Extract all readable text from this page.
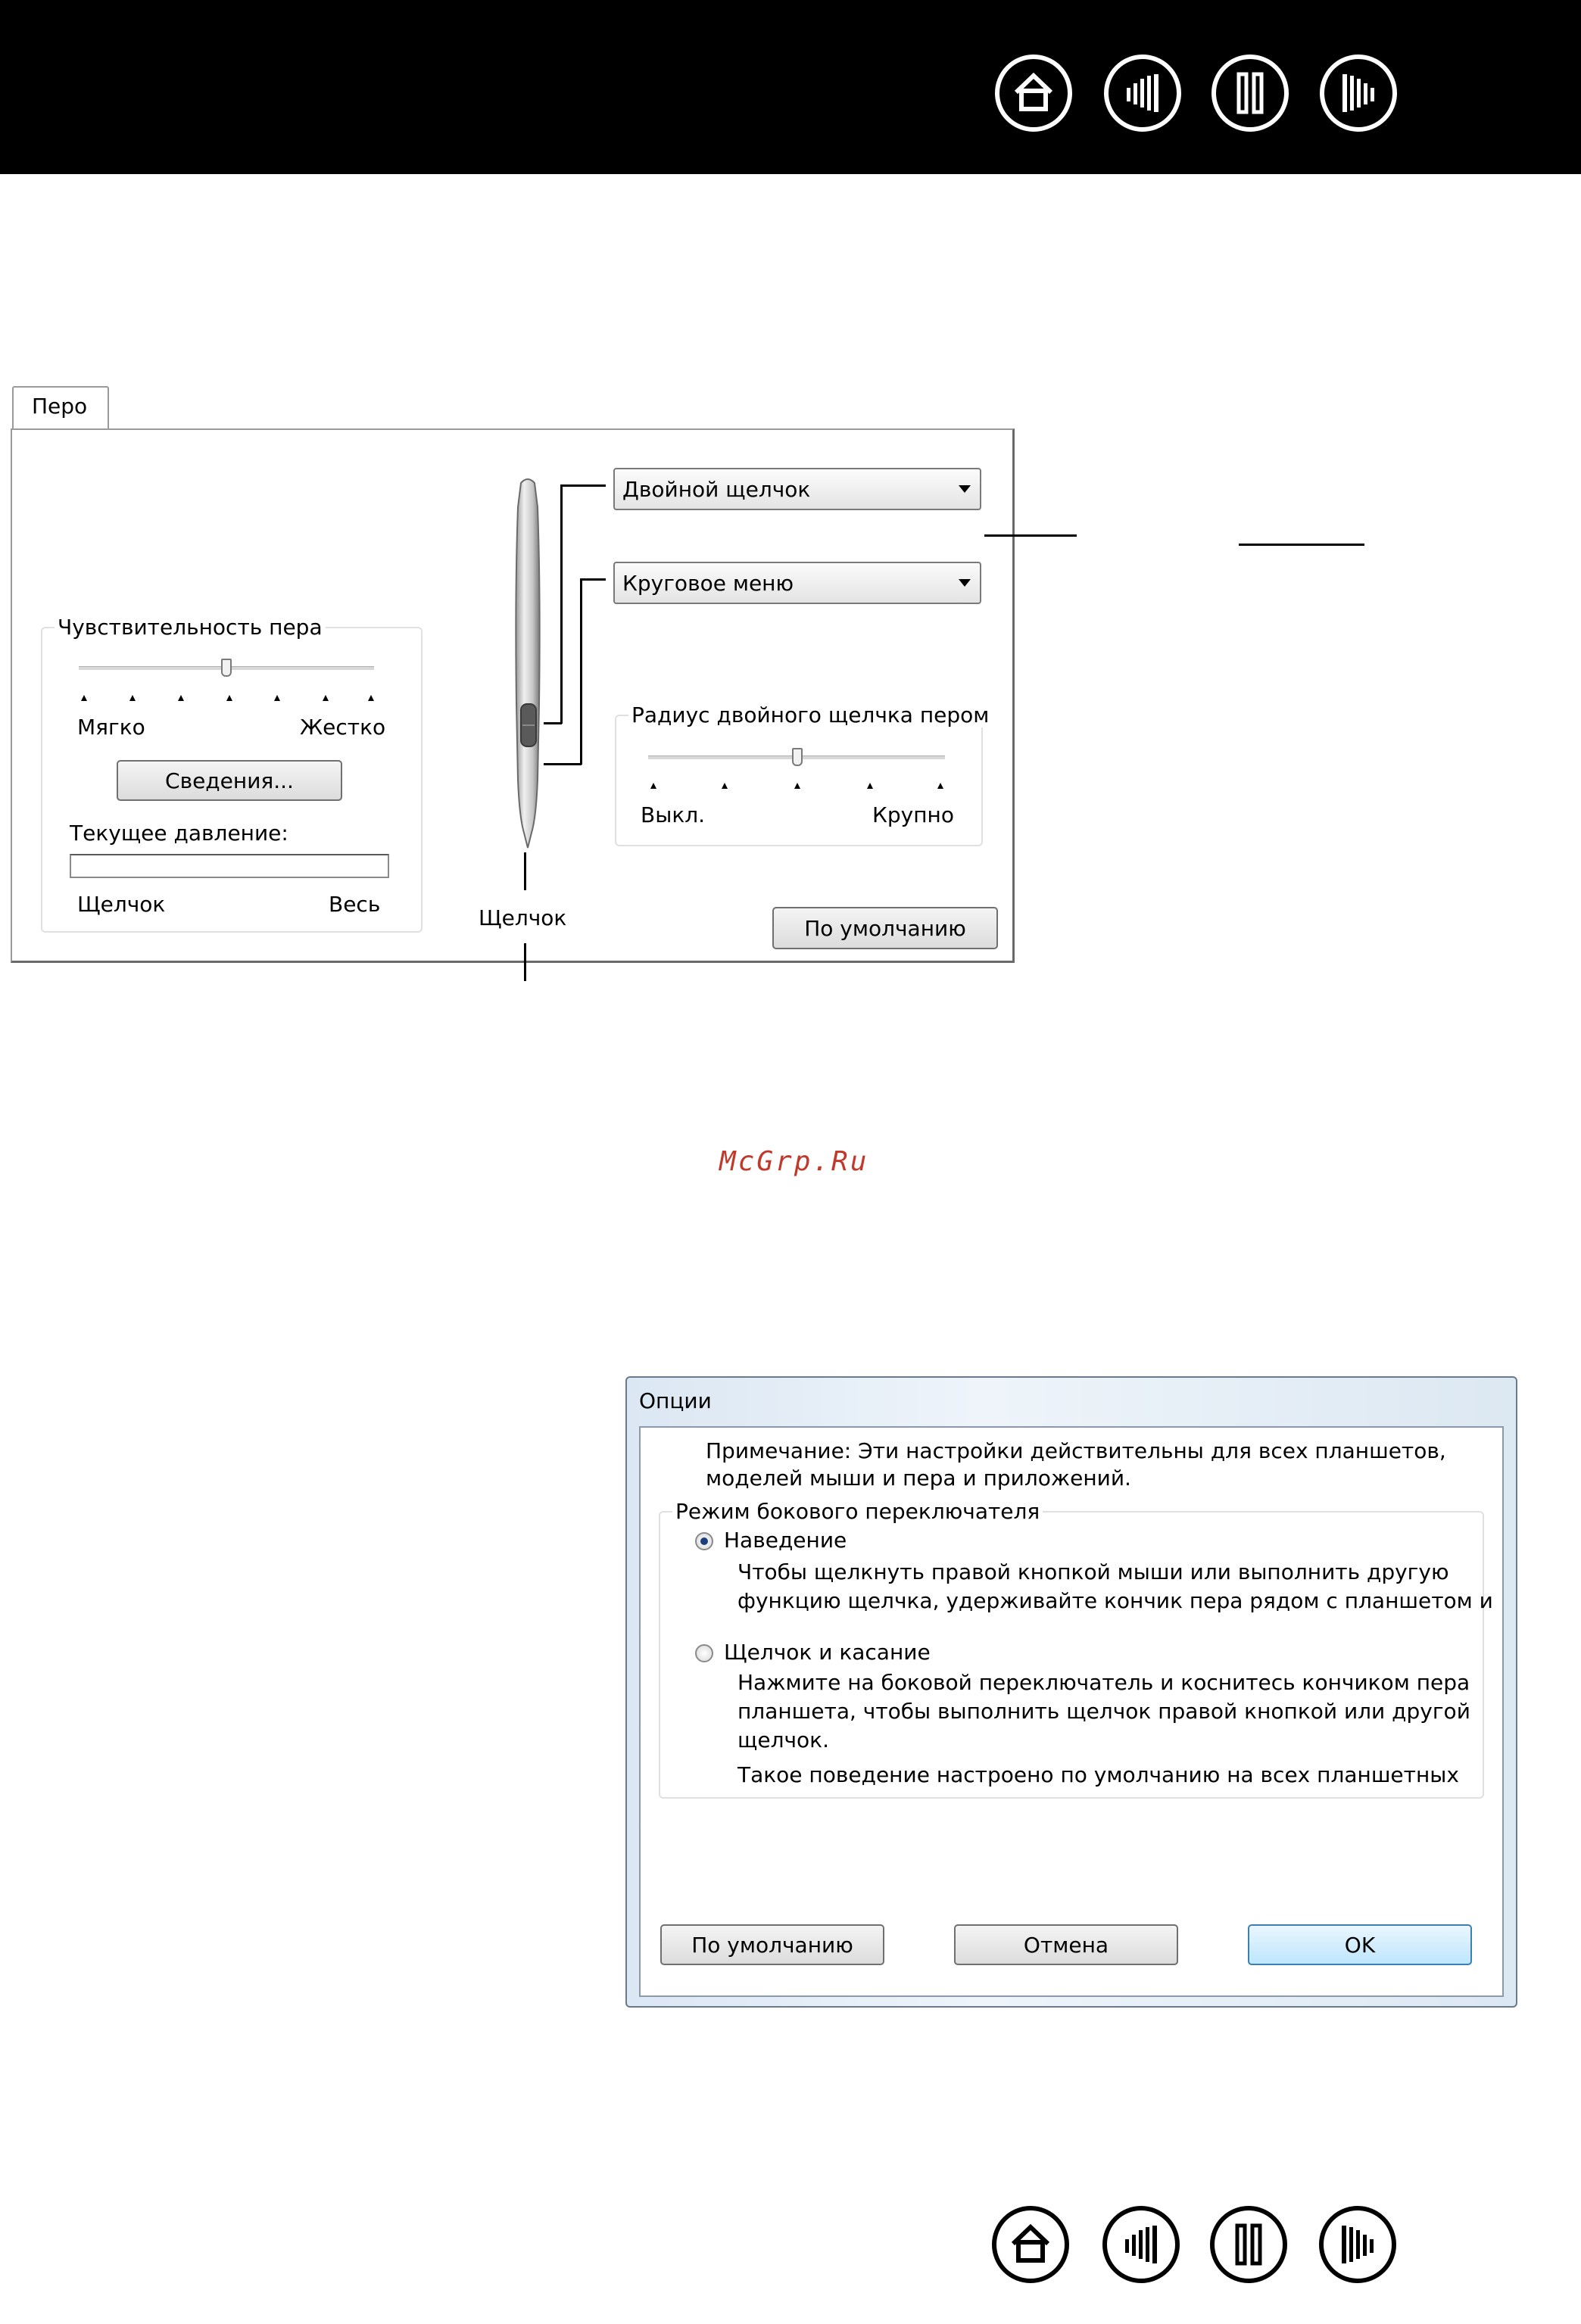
Перо
Чувствительность пера
Мягко	Жестко
Сведения...
Текущее давление:
Щелчок	Весь
Щелчок
Двойной щелчок
Круговое меню
Радиус двойного щелчка пером
Выкл.	Крупно
По умолчанию
McGrp.Ru
Опции
Примечание: Эти настройки действительны для всех планшетов,
моделей мыши и пера и приложений.
Режим бокового переключателя
Наведение
Чтобы щелкнуть правой кнопкой мыши или выполнить другую
функцию щелчка, удерживайте кончик пера рядом с планшетом и
Щелчок и касание
Нажмите на боковой переключатель и коснитесь кончиком пера
планшета, чтобы выполнить щелчок правой кнопкой или другой
щелчок.
Такое поведение настроено по умолчанию на всех планшетных
По умолчанию	Отмена	OK
